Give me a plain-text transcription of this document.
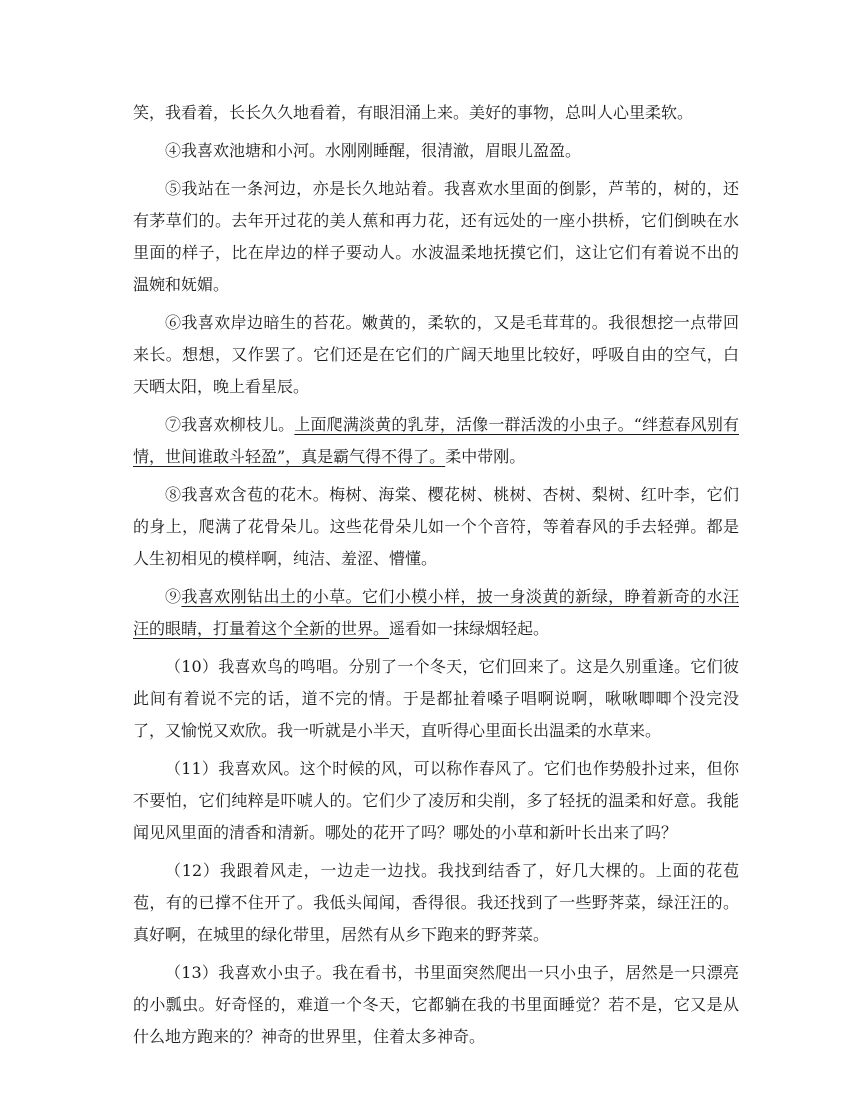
笑，我看着，长长久久地看着，有眼泪涌上来。美好的事物，总叫人心里柔软。

④我喜欢池塘和小河。水刚刚睡醒，很清澈，眉眼儿盈盈。

⑤我站在一条河边，亦是长久地站着。我喜欢水里面的倒影，芦苇的，树的，还有茅草们的。去年开过花的美人蕉和再力花，还有远处的一座小拱桥，它们倒映在水里面的样子，比在岸边的样子要动人。水波温柔地抚摸它们，这让它们有着说不出的温婉和妩媚。

⑥我喜欢岸边暗生的苔花。嫩黄的，柔软的，又是毛茸茸的。我很想挖一点带回来长。想想，又作罢了。它们还是在它们的广阔天地里比较好，呼吸自由的空气，白天晒太阳，晚上看星辰。

⑦我喜欢柳枝儿。上面爬满淡黄的乳芽，活像一群活泼的小虫子。“绊惹春风别有情，世间谁敢斗轻盈”，真是霸气得不得了。柔中带刚。

⑧我喜欢含苞的花木。梅树、海棠、樱花树、桃树、杏树、梨树、红叶李，它们的身上，爬满了花骨朵儿。这些花骨朵儿如一个个音符，等着春风的手去轻弹。都是人生初相见的模样啊，纯洁、羞涩、懵懂。

⑨我喜欢刚钻出土的小草。它们小模小样，披一身淡黄的新绿，睁着新奇的水汪汪的眼睛，打量着这个全新的世界。遥看如一抹绿烟轻起。

（10）我喜欢鸟的鸣唱。分别了一个冬天，它们回来了。这是久别重逢。它们彼此间有着说不完的话，道不完的情。于是都扯着嗓子唱啊说啊，啾啾唧唧个没完没了，又愉悦又欢欣。我一听就是小半天，直听得心里面长出温柔的水草来。

（11）我喜欢风。这个时候的风，可以称作春风了。它们也作势般扑过来，但你不要怕，它们纯粹是吓唬人的。它们少了凌厉和尖削，多了轻抚的温柔和好意。我能闻见风里面的清香和清新。哪处的花开了吗？哪处的小草和新叶长出来了吗？

（12）我跟着风走，一边走一边找。我找到结香了，好几大棵的。上面的花苞苞，有的已撑不住开了。我低头闻闻，香得很。我还找到了一些野荠菜，绿汪汪的。真好啊，在城里的绿化带里，居然有从乡下跑来的野荠菜。

（13）我喜欢小虫子。我在看书，书里面突然爬出一只小虫子，居然是一只漂亮的小瓢虫。好奇怪的，难道一个冬天，它都躺在我的书里面睡觉？若不是，它又是从什么地方跑来的？神奇的世界里，住着太多神奇。
